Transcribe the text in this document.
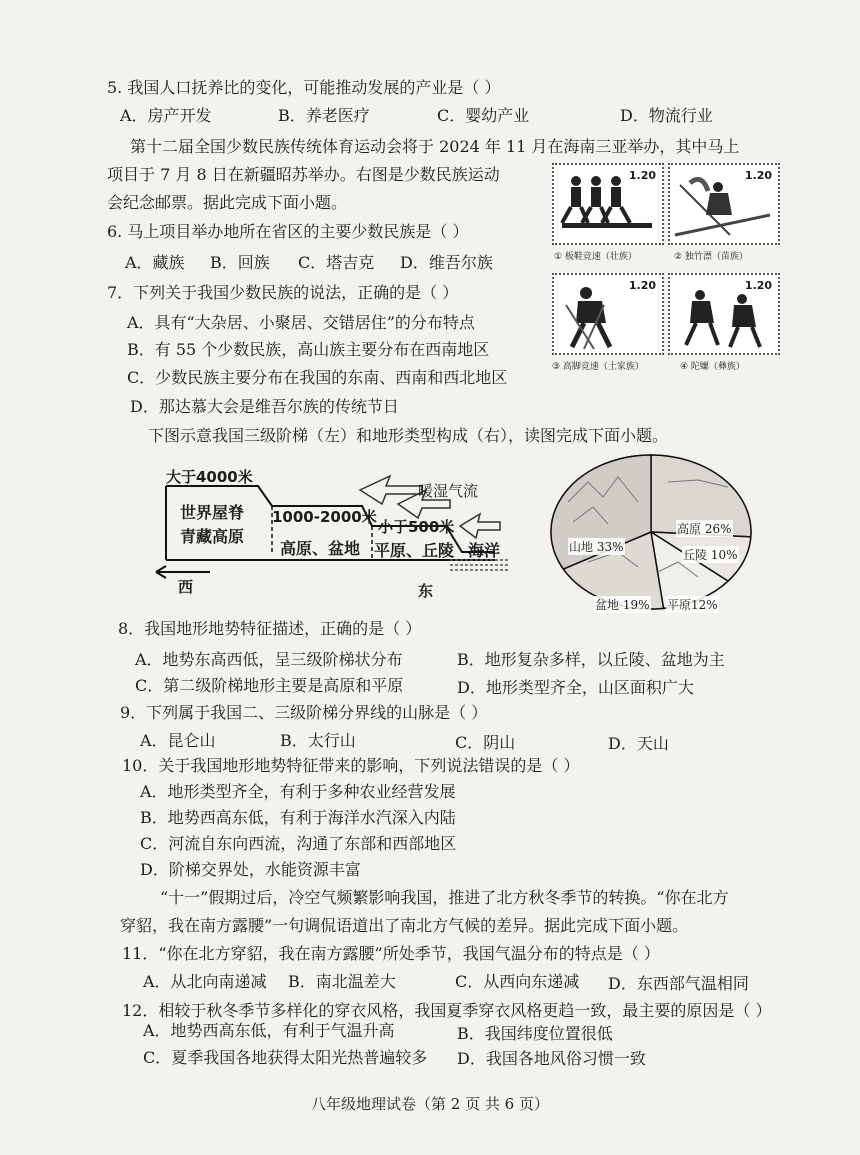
5. 我国人口抚养比的变化，可能推动发展的产业是（ ）
A．房产开发	B．养老医疗	C．婴幼产业	D．物流行业
第十二届全国少数民族传统体育运动会将于 2024 年 11 月在海南三亚举办，其中马上
项目于 7 月 8 日在新疆昭苏举办。右图是少数民族运动
会纪念邮票。据此完成下面小题。
1.20	1.20
1.20	1.20
① 板鞋竞速（壮族）	② 独竹漂（苗族）
③ 高脚竞速（土家族）	④ 陀螺（彝族）
6. 马上项目举办地所在省区的主要少数民族是（ ）
A．藏族 B．回族 C．塔吉克 D．维吾尔族
7．下列关于我国少数民族的说法，正确的是（ ）
A．具有“大杂居、小聚居、交错居住”的分布特点
B．有 55 个少数民族，高山族主要分布在西南地区
C．少数民族主要分布在我国的东南、西南和西北地区
D．那达慕大会是维吾尔族的传统节日
下图示意我国三级阶梯（左）和地形类型构成（右），读图完成下面小题。
大于4000米
世界屋脊
青藏高原
1000-2000米
高原、盆地
小于500米
平原、丘陵 海洋
暖湿气流
西	东
高原 26%
丘陵 10%
平原12%
盆地 19%
山地 33%
8．我国地形地势特征描述，正确的是（ ）
A．地势东高西低，呈三级阶梯状分布	B．地形复杂多样，以丘陵、盆地为主
C．第二级阶梯地形主要是高原和平原	D．地形类型齐全，山区面积广大
9．下列属于我国二、三级阶梯分界线的山脉是（ ）
A．昆仑山	B．太行山	C．阴山	D．天山
10．关于我国地形地势特征带来的影响，下列说法错误的是（ ）
A．地形类型齐全，有利于多种农业经营发展
B．地势西高东低，有利于海洋水汽深入内陆
C．河流自东向西流，沟通了东部和西部地区
D．阶梯交界处，水能资源丰富
“十一”假期过后，冷空气频繁影响我国，推进了北方秋冬季节的转换。“你在北方
穿貂，我在南方露腰”一句调侃语道出了南北方气候的差异。据此完成下面小题。
11．“你在北方穿貂，我在南方露腰”所处季节，我国气温分布的特点是（ ）
A．从北向南递减 B．南北温差大	C．从西向东递减 D．东西部气温相同
12．相较于秋冬季节多样化的穿衣风格，我国夏季穿衣风格更趋一致，最主要的原因是（ ）
A．地势西高东低，有利于气温升高	B．我国纬度位置很低
C．夏季我国各地获得太阳光热普遍较多 D．我国各地风俗习惯一致
八年级地理试卷（第 2 页 共 6 页）
